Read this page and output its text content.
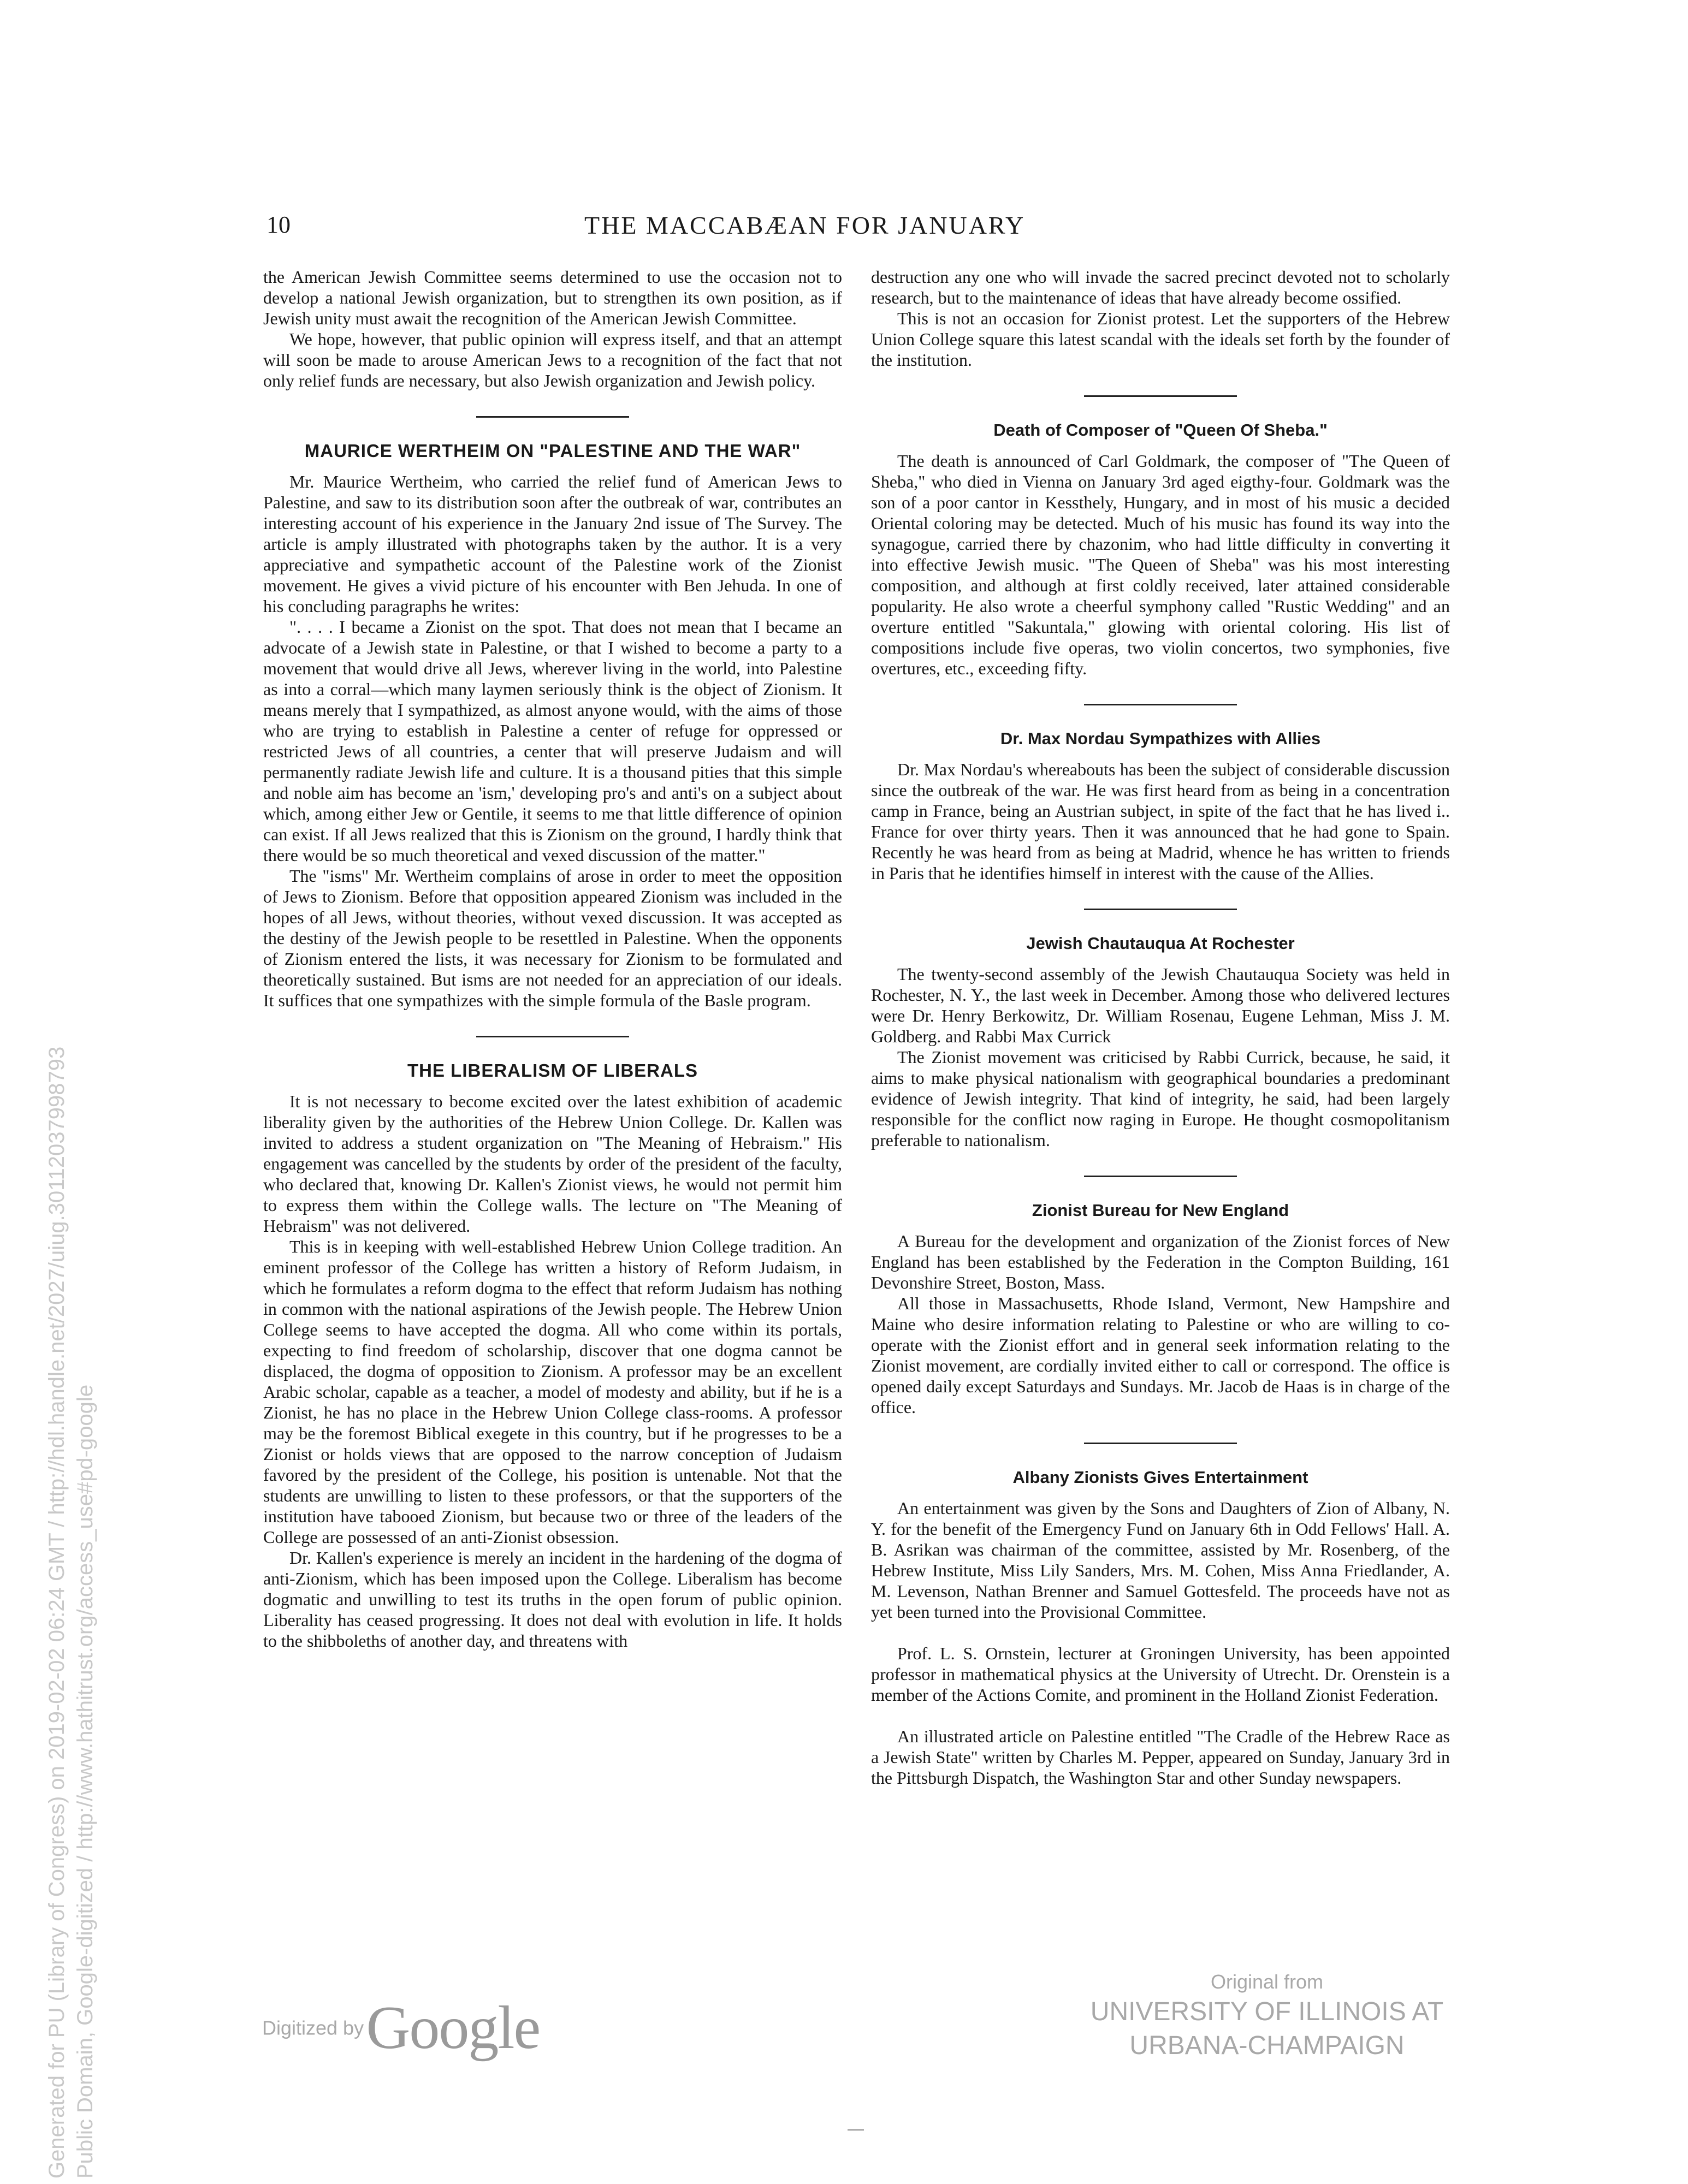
10	THE MACCABÆAN FOR JANUARY

the American Jewish Committee seems determined to use the occasion not to develop a national Jewish organization, but to strengthen its own position, as if Jewish unity must await the recognition of the American Jewish Committee.

We hope, however, that public opinion will express itself, and that an attempt will soon be made to arouse American Jews to a recognition of the fact that not only relief funds are necessary, but also Jewish organization and Jewish policy.

MAURICE WERTHEIM ON "PALESTINE AND THE WAR"

Mr. Maurice Wertheim, who carried the relief fund of American Jews to Palestine, and saw to its distribution soon after the outbreak of war, contributes an interesting account of his experience in the January 2nd issue of The Survey. The article is amply illustrated with photographs taken by the author. It is a very appreciative and sympathetic account of the Palestine work of the Zionist movement. He gives a vivid picture of his encounter with Ben Jehuda. In one of his concluding paragraphs he writes:

". . . . I became a Zionist on the spot. That does not mean that I became an advocate of a Jewish state in Palestine, or that I wished to become a party to a movement that would drive all Jews, wherever living in the world, into Palestine as into a corral—which many laymen seriously think is the object of Zionism. It means merely that I sympathized, as almost anyone would, with the aims of those who are trying to establish in Palestine a center of refuge for oppressed or restricted Jews of all countries, a center that will preserve Judaism and will permanently radiate Jewish life and culture. It is a thousand pities that this simple and noble aim has become an 'ism,' developing pro's and anti's on a subject about which, among either Jew or Gentile, it seems to me that little difference of opinion can exist. If all Jews realized that this is Zionism on the ground, I hardly think that there would be so much theoretical and vexed discussion of the matter."

The "isms" Mr. Wertheim complains of arose in order to meet the opposition of Jews to Zionism. Before that opposition appeared Zionism was included in the hopes of all Jews, without theories, without vexed discussion. It was accepted as the destiny of the Jewish people to be resettled in Palestine. When the opponents of Zionism entered the lists, it was necessary for Zionism to be formulated and theoretically sustained. But isms are not needed for an appreciation of our ideals. It suffices that one sympathizes with the simple formula of the Basle program.

THE LIBERALISM OF LIBERALS

It is not necessary to become excited over the latest exhibition of academic liberality given by the authorities of the Hebrew Union College. Dr. Kallen was invited to address a student organization on "The Meaning of Hebraism." His engagement was cancelled by the students by order of the president of the faculty, who declared that, knowing Dr. Kallen's Zionist views, he would not permit him to express them within the College walls. The lecture on "The Meaning of Hebraism" was not delivered.

This is in keeping with well-established Hebrew Union College tradition. An eminent professor of the College has written a history of Reform Judaism, in which he formulates a reform dogma to the effect that reform Judaism has nothing in common with the national aspirations of the Jewish people. The Hebrew Union College seems to have accepted the dogma. All who come within its portals, expecting to find freedom of scholarship, discover that one dogma cannot be displaced, the dogma of opposition to Zionism. A professor may be an excellent Arabic scholar, capable as a teacher, a model of modesty and ability, but if he is a Zionist, he has no place in the Hebrew Union College class-rooms. A professor may be the foremost Biblical exegete in this country, but if he progresses to be a Zionist or holds views that are opposed to the narrow conception of Judaism favored by the president of the College, his position is untenable. Not that the students are unwilling to listen to these professors, or that the supporters of the institution have tabooed Zionism, but because two or three of the leaders of the College are possessed of an anti-Zionist obsession.

Dr. Kallen's experience is merely an incident in the hardening of the dogma of anti-Zionism, which has been imposed upon the College. Liberalism has become dogmatic and unwilling to test its truths in the open forum of public opinion. Liberality has ceased progressing. It does not deal with evolution in life. It holds to the shibboleths of another day, and threatens with

destruction any one who will invade the sacred precinct devoted not to scholarly research, but to the maintenance of ideas that have already become ossified.

This is not an occasion for Zionist protest. Let the supporters of the Hebrew Union College square this latest scandal with the ideals set forth by the founder of the institution.

Death of Composer of "Queen Of Sheba."

The death is announced of Carl Goldmark, the composer of "The Queen of Sheba," who died in Vienna on January 3rd aged eigthy-four. Goldmark was the son of a poor cantor in Kessthely, Hungary, and in most of his music a decided Oriental coloring may be detected. Much of his music has found its way into the synagogue, carried there by chazonim, who had little difficulty in converting it into effective Jewish music. "The Queen of Sheba" was his most interesting composition, and although at first coldly received, later attained considerable popularity. He also wrote a cheerful symphony called "Rustic Wedding" and an overture entitled "Sakuntala," glowing with oriental coloring. His list of compositions include five operas, two violin concertos, two symphonies, five overtures, etc., exceeding fifty.

Dr. Max Nordau Sympathizes with Allies

Dr. Max Nordau's whereabouts has been the subject of considerable discussion since the outbreak of the war. He was first heard from as being in a concentration camp in France, being an Austrian subject, in spite of the fact that he has lived i.. France for over thirty years. Then it was announced that he had gone to Spain. Recently he was heard from as being at Madrid, whence he has written to friends in Paris that he identifies himself in interest with the cause of the Allies.

Jewish Chautauqua At Rochester

The twenty-second assembly of the Jewish Chautauqua Society was held in Rochester, N. Y., the last week in December. Among those who delivered lectures were Dr. Henry Berkowitz, Dr. William Rosenau, Eugene Lehman, Miss J. M. Goldberg. and Rabbi Max Currick

The Zionist movement was criticised by Rabbi Currick, because, he said, it aims to make physical nationalism with geographical boundaries a predominant evidence of Jewish integrity. That kind of integrity, he said, had been largely responsible for the conflict now raging in Europe. He thought cosmopolitanism preferable to nationalism.

Zionist Bureau for New England

A Bureau for the development and organization of the Zionist forces of New England has been established by the Federation in the Compton Building, 161 Devonshire Street, Boston, Mass.

All those in Massachusetts, Rhode Island, Vermont, New Hampshire and Maine who desire information relating to Palestine or who are willing to co-operate with the Zionist effort and in general seek information relating to the Zionist movement, are cordially invited either to call or correspond. The office is opened daily except Saturdays and Sundays. Mr. Jacob de Haas is in charge of the office.

Albany Zionists Gives Entertainment

An entertainment was given by the Sons and Daughters of Zion of Albany, N. Y. for the benefit of the Emergency Fund on January 6th in Odd Fellows' Hall. A. B. Asrikan was chairman of the committee, assisted by Mr. Rosenberg, of the Hebrew Institute, Miss Lily Sanders, Mrs. M. Cohen, Miss Anna Friedlander, A. M. Levenson, Nathan Brenner and Samuel Gottesfeld. The proceeds have not as yet been turned into the Provisional Committee.

Prof. L. S. Ornstein, lecturer at Groningen University, has been appointed professor in mathematical physics at the University of Utrecht. Dr. Orenstein is a member of the Actions Comite, and prominent in the Holland Zionist Federation.

An illustrated article on Palestine entitled "The Cradle of the Hebrew Race as a Jewish State" written by Charles M. Pepper, appeared on Sunday, January 3rd in the Pittsburgh Dispatch, the Washington Star and other Sunday newspapers.

Digitized by Google
Original from
UNIVERSITY OF ILLINOIS AT
URBANA-CHAMPAIGN
Generated for PU (Library of Congress) on 2019-02-02 06:24 GMT / http://hdl.handle.net/2027/uiug.30112037998793 Public Domain, Google-digitized / http://www.hathitrust.org/access_use#pd-google
